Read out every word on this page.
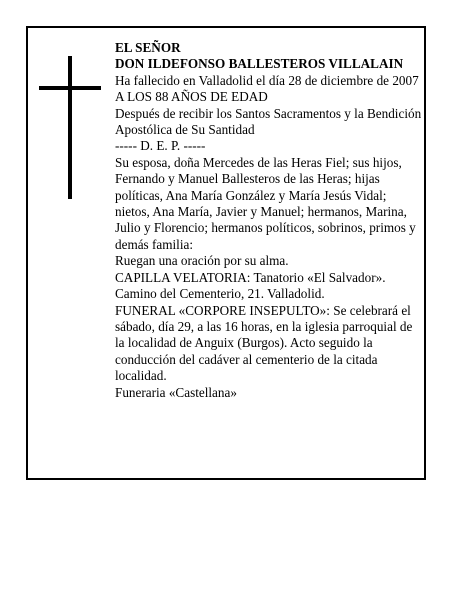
EL SEÑOR

DON ILDEFONSO BALLESTEROS VILLALAIN

Ha fallecido en Valladolid el día 28 de diciembre de 2007

A LOS 88 AÑOS DE EDAD

Después de recibir los Santos Sacramentos y la Bendición Apostólica de Su Santidad

----- D. E. P. -----

Su esposa, doña Mercedes de las Heras Fiel; sus hijos, Fernando y Manuel Ballesteros de las Heras; hijas políticas, Ana María González y María Jesús Vidal; nietos, Ana María, Javier y Manuel; hermanos, Marina, Julio y Florencio; hermanos políticos, sobrinos, primos y demás familia:

Ruegan una oración por su alma.

CAPILLA VELATORIA: Tanatorio «El Salvador». Camino del Cementerio, 21. Valladolid.

FUNERAL «CORPORE INSEPULTO»: Se celebrará el sábado, día 29, a las 16 horas, en la iglesia parroquial de la localidad de Anguix (Burgos). Acto seguido la conducción del cadáver al cementerio de la citada localidad.

Funeraria «Castellana»
